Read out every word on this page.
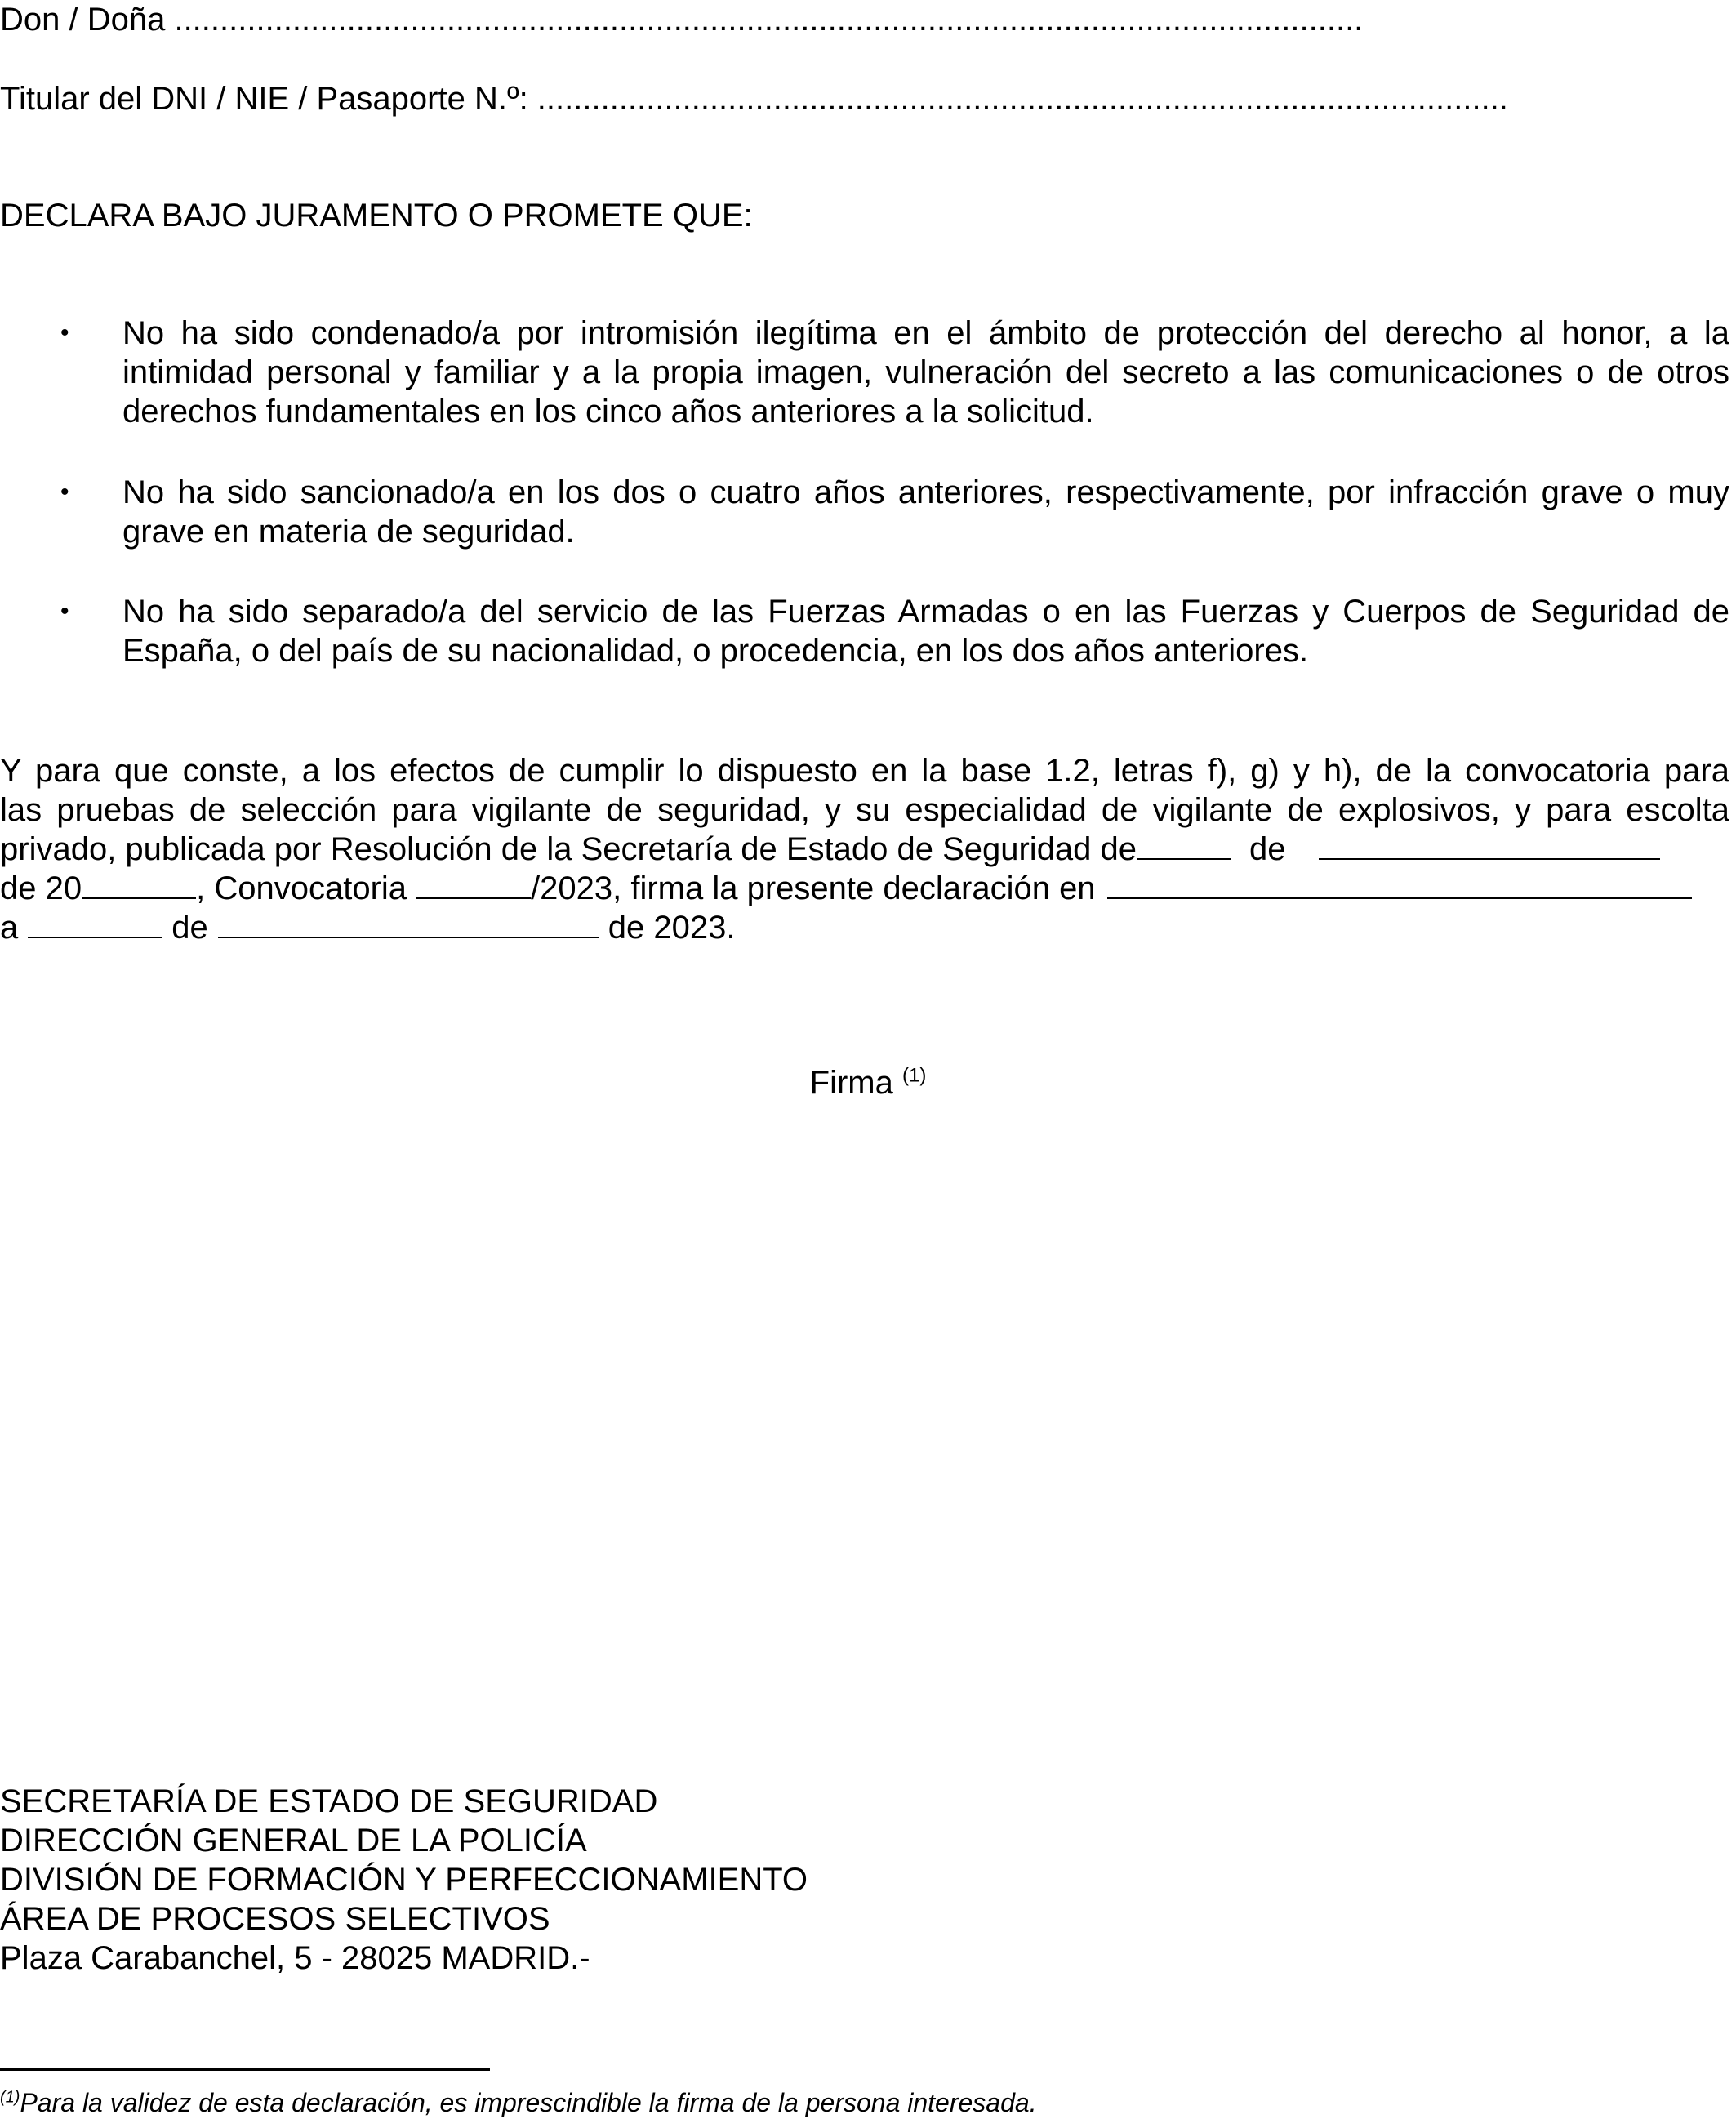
Don / Doña ...................................................................................................................................
Titular del DNI / NIE / Pasaporte N.º: ...........................................................................................................
DECLARA BAJO JURAMENTO O PROMETE QUE:
• No ha sido condenado/a por intromisión ilegítima en el ámbito de protección del derecho al honor, a la intimidad personal y familiar y a la propia imagen, vulneración del secreto a las comunicaciones o de otros derechos fundamentales en los cinco años anteriores a la solicitud.
• No ha sido sancionado/a en los dos o cuatro años anteriores, respectivamente, por infracción grave o muy grave en materia de seguridad.
• No ha sido separado/a del servicio de las Fuerzas Armadas o en las Fuerzas y Cuerpos de Seguridad de España, o del país de su nacionalidad, o procedencia, en los dos años anteriores.
Y para que conste, a los efectos de cumplir lo dispuesto en la base 1.2, letras f), g) y h), de la convocatoria para
las pruebas de selección para vigilante de seguridad, y su especialidad de vigilante de explosivos, y para escolta
privado, publicada por Resolución de la Secretaría de Estado de Seguridad de	de
de 20	, Convocatoria	/2023, firma la presente declaración en
a	de	de 2023.
Firma $^{(1)}$
SECRETARÍA DE ESTADO DE SEGURIDAD
DIRECCIÓN GENERAL DE LA POLICÍA
DIVISIÓN DE FORMACIÓN Y PERFECCIONAMIENTO
ÁREA DE PROCESOS SELECTIVOS
Plaza Carabanchel, 5 - 28025 MADRID.-
$^{(1)}$Para la validez de esta declaración, es imprescindible la firma de la persona interesada.
